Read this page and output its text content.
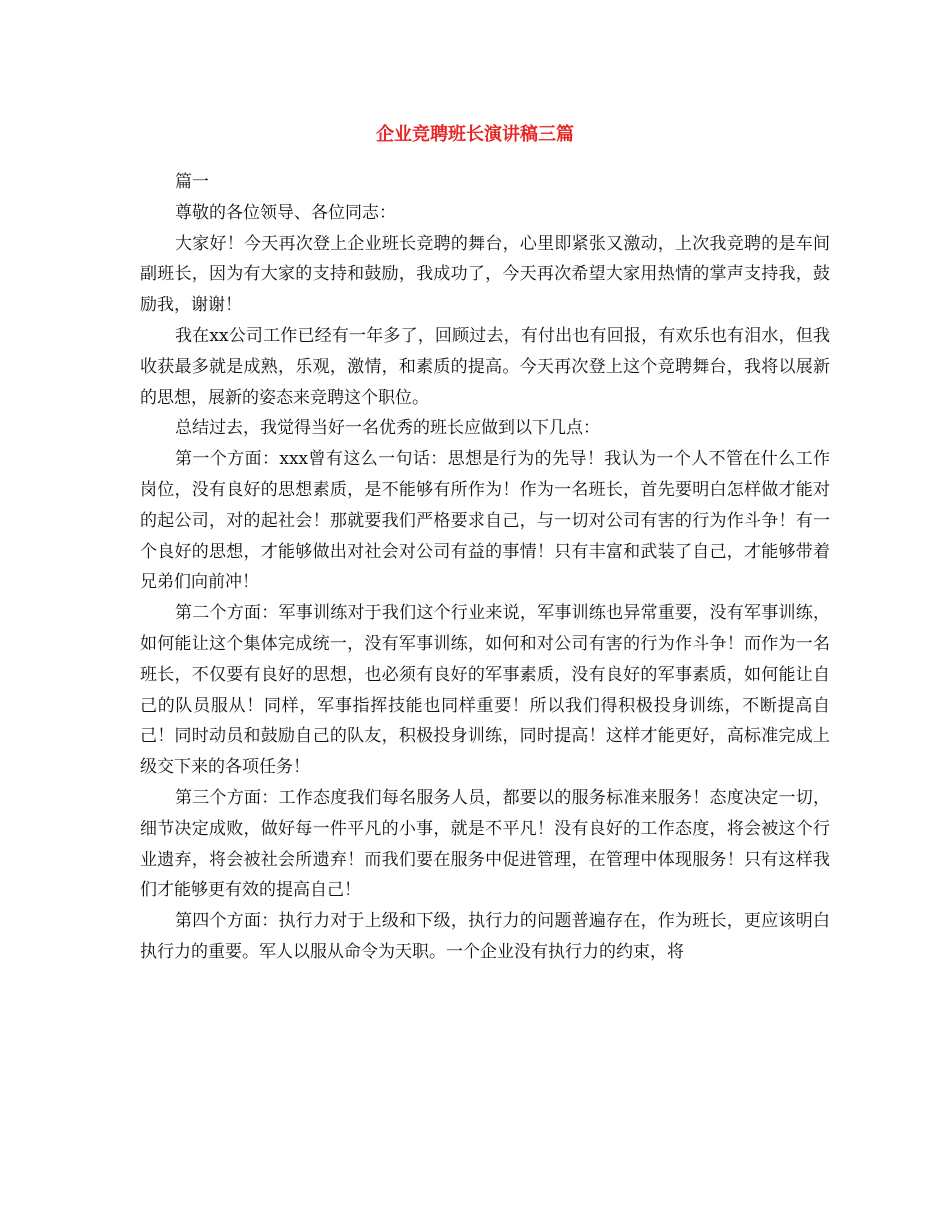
企业竞聘班长演讲稿三篇

篇一

尊敬的各位领导、各位同志：

大家好！今天再次登上企业班长竞聘的舞台，心里即紧张又激动，上次我竞聘的是车间副班长，因为有大家的支持和鼓励，我成功了，今天再次希望大家用热情的掌声支持我，鼓励我，谢谢！

我在xx公司工作已经有一年多了，回顾过去，有付出也有回报，有欢乐也有泪水，但我收获最多就是成熟，乐观，激情，和素质的提高。今天再次登上这个竞聘舞台，我将以展新的思想，展新的姿态来竞聘这个职位。

总结过去，我觉得当好一名优秀的班长应做到以下几点：

第一个方面：xxx曾有这么一句话：思想是行为的先导！我认为一个人不管在什么工作岗位，没有良好的思想素质，是不能够有所作为！作为一名班长，首先要明白怎样做才能对的起公司，对的起社会！那就要我们严格要求自己，与一切对公司有害的行为作斗争！有一个良好的思想，才能够做出对社会对公司有益的事情！只有丰富和武装了自己，才能够带着兄弟们向前冲！

第二个方面：军事训练对于我们这个行业来说，军事训练也异常重要，没有军事训练，如何能让这个集体完成统一，没有军事训练，如何和对公司有害的行为作斗争！而作为一名班长，不仅要有良好的思想，也必须有良好的军事素质，没有良好的军事素质，如何能让自己的队员服从！同样，军事指挥技能也同样重要！所以我们得积极投身训练，不断提高自己！同时动员和鼓励自己的队友，积极投身训练，同时提高！这样才能更好，高标准完成上级交下来的各项任务！

第三个方面：工作态度我们每名服务人员，都要以的服务标准来服务！态度决定一切，细节决定成败，做好每一件平凡的小事，就是不平凡！没有良好的工作态度，将会被这个行业遗弃，将会被社会所遗弃！而我们要在服务中促进管理，在管理中体现服务！只有这样我们才能够更有效的提高自己！

第四个方面：执行力对于上级和下级，执行力的问题普遍存在，作为班长，更应该明白执行力的重要。军人以服从命令为天职。一个企业没有执行力的约束，将
